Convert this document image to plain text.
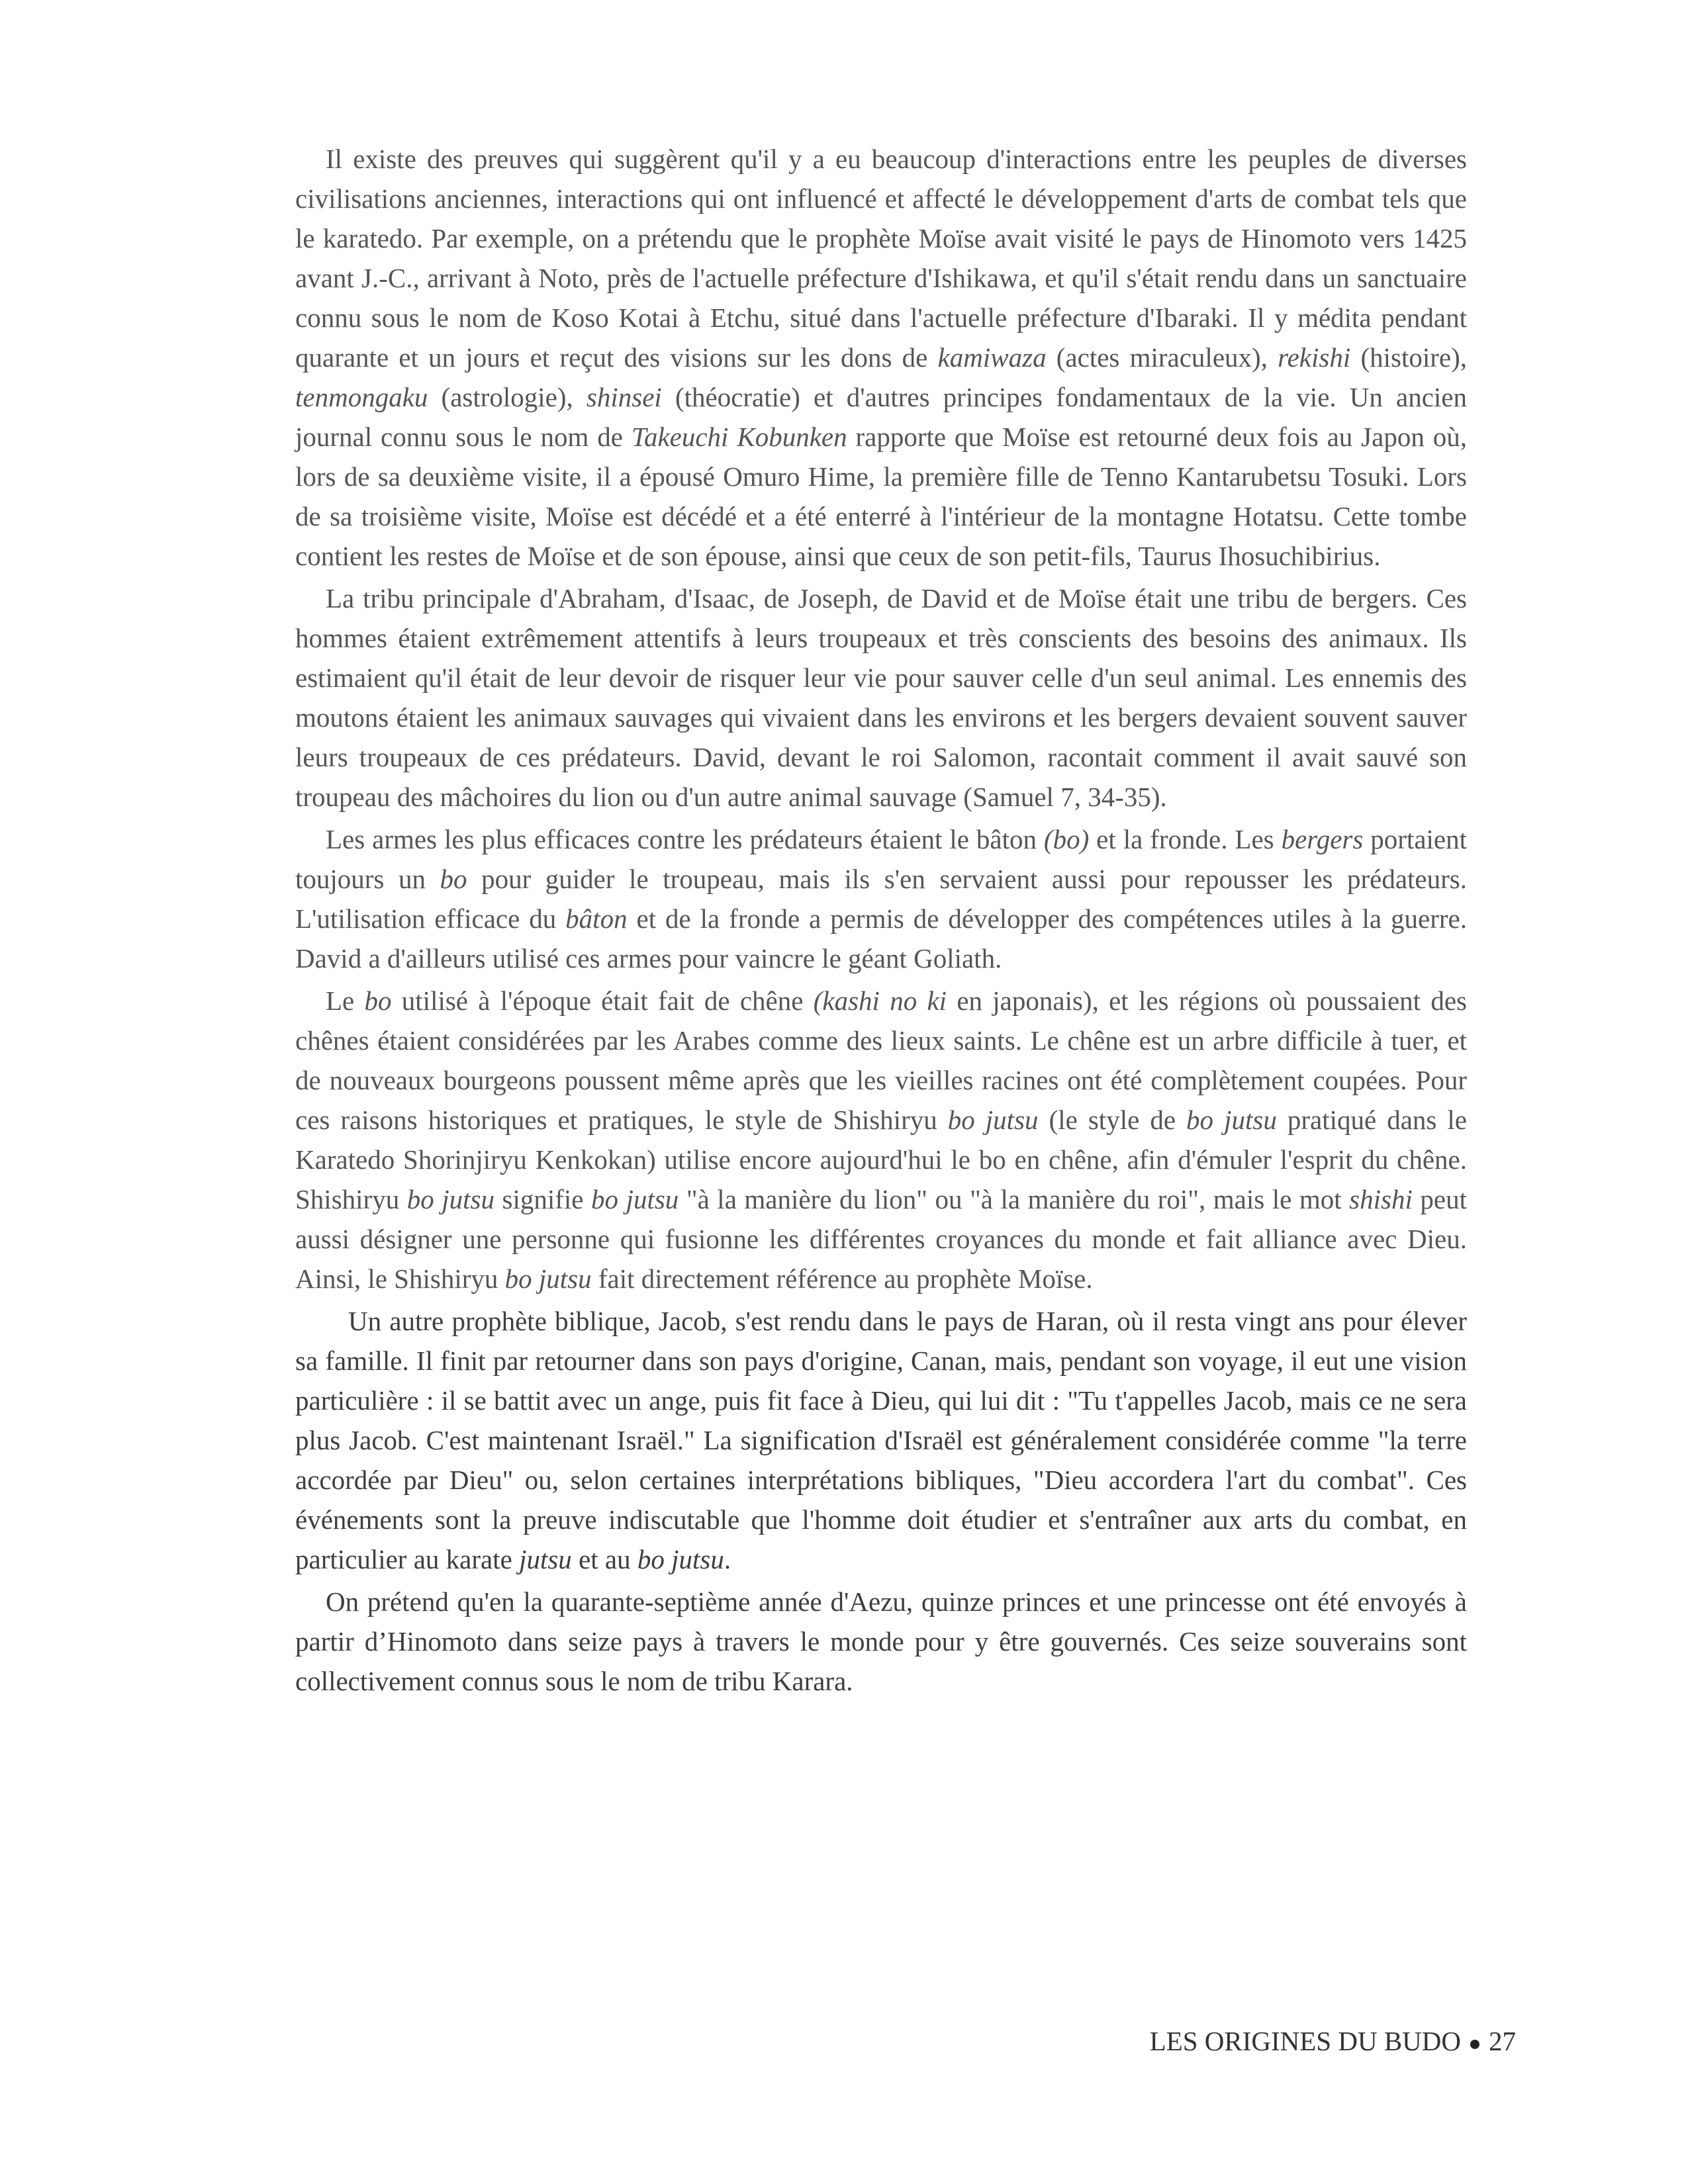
Il existe des preuves qui suggèrent qu'il y a eu beaucoup d'interactions entre les peuples de diverses civilisations anciennes, interactions qui ont influencé et affecté le développement d'arts de combat tels que le karatedo. Par exemple, on a prétendu que le prophète Moïse avait visité le pays de Hinomoto vers 1425 avant J.-C., arrivant à Noto, près de l'actuelle préfecture d'Ishikawa, et qu'il s'était rendu dans un sanctuaire connu sous le nom de Koso Kotai à Etchu, situé dans l'actuelle préfecture d'Ibaraki. Il y médita pendant quarante et un jours et reçut des visions sur les dons de kamiwaza (actes miraculeux), rekishi (histoire), tenmongaku (astrologie), shinsei (théocratie) et d'autres principes fondamentaux de la vie. Un ancien journal connu sous le nom de Takeuchi Kobunken rapporte que Moïse est retourné deux fois au Japon où, lors de sa deuxième visite, il a épousé Omuro Hime, la première fille de Tenno Kantarubetsu Tosuki. Lors de sa troisième visite, Moïse est décédé et a été enterré à l'intérieur de la montagne Hotatsu. Cette tombe contient les restes de Moïse et de son épouse, ainsi que ceux de son petit-fils, Taurus Ihosuchibirius.

La tribu principale d'Abraham, d'Isaac, de Joseph, de David et de Moïse était une tribu de bergers. Ces hommes étaient extrêmement attentifs à leurs troupeaux et très conscients des besoins des animaux. Ils estimaient qu'il était de leur devoir de risquer leur vie pour sauver celle d'un seul animal. Les ennemis des moutons étaient les animaux sauvages qui vivaient dans les environs et les bergers devaient souvent sauver leurs troupeaux de ces prédateurs. David, devant le roi Salomon, racontait comment il avait sauvé son troupeau des mâchoires du lion ou d'un autre animal sauvage (Samuel 7, 34-35).

Les armes les plus efficaces contre les prédateurs étaient le bâton (bo) et la fronde. Les bergers portaient toujours un bo pour guider le troupeau, mais ils s'en servaient aussi pour repousser les prédateurs. L'utilisation efficace du bâton et de la fronde a permis de développer des compétences utiles à la guerre. David a d'ailleurs utilisé ces armes pour vaincre le géant Goliath.

Le bo utilisé à l'époque était fait de chêne (kashi no ki en japonais), et les régions où poussaient des chênes étaient considérées par les Arabes comme des lieux saints. Le chêne est un arbre difficile à tuer, et de nouveaux bourgeons poussent même après que les vieilles racines ont été complètement coupées. Pour ces raisons historiques et pratiques, le style de Shishiryu bo jutsu (le style de bo jutsu pratiqué dans le Karatedo Shorinjiryu Kenkokan) utilise encore aujourd'hui le bo en chêne, afin d'émuler l'esprit du chêne. Shishiryu bo jutsu signifie bo jutsu "à la manière du lion" ou "à la manière du roi", mais le mot shishi peut aussi désigner une personne qui fusionne les différentes croyances du monde et fait alliance avec Dieu. Ainsi, le Shishiryu bo jutsu fait directement référence au prophète Moïse.

Un autre prophète biblique, Jacob, s'est rendu dans le pays de Haran, où il resta vingt ans pour élever sa famille. Il finit par retourner dans son pays d'origine, Canan, mais, pendant son voyage, il eut une vision particulière : il se battit avec un ange, puis fit face à Dieu, qui lui dit : "Tu t'appelles Jacob, mais ce ne sera plus Jacob. C'est maintenant Israël." La signification d'Israël est généralement considérée comme "la terre accordée par Dieu" ou, selon certaines interprétations bibliques, "Dieu accordera l'art du combat". Ces événements sont la preuve indiscutable que l'homme doit étudier et s'entraîner aux arts du combat, en particulier au karate jutsu et au bo jutsu.

On prétend qu'en la quarante-septième année d'Aezu, quinze princes et une princesse ont été envoyés à partir d’Hinomoto dans seize pays à travers le monde pour y être gouvernés. Ces seize souverains sont collectivement connus sous le nom de tribu Karara.

LES ORIGINES DU BUDO 27
